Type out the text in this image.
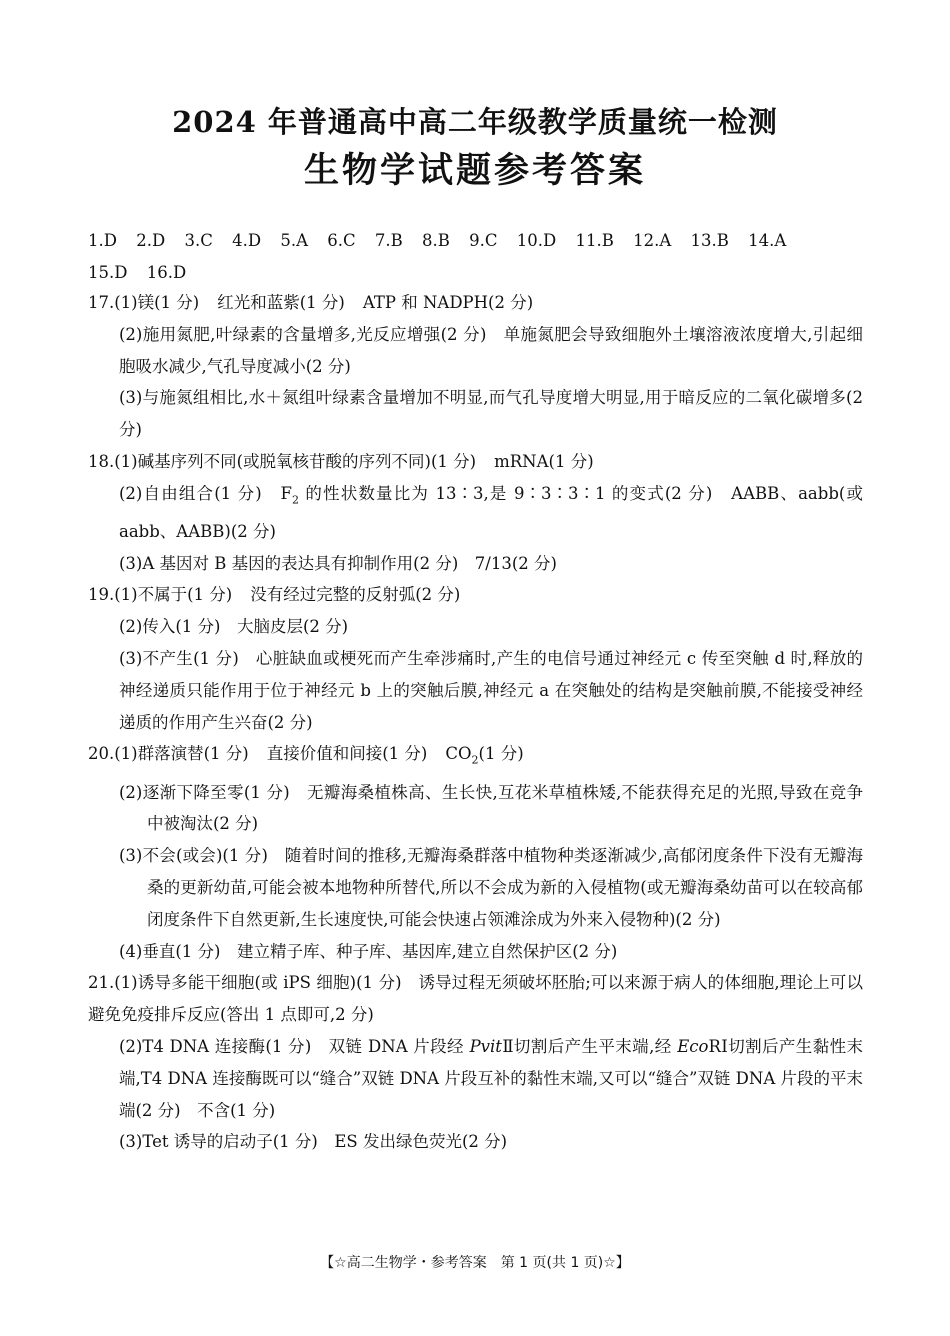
2024 年普通高中高二年级教学质量统一检测
生物学试题参考答案
1.D 2.D 3.C 4.D 5.A 6.C 7.B 8.B 9.C 10.D 11.B 12.A 13.B 14.A
15.D 16.D
17.(1)镁(1 分) 红光和蓝紫(1 分) ATP 和 NADPH(2 分)
(2)施用氮肥,叶绿素的含量增多,光反应增强(2 分)　单施氮肥会导致细胞外土壤溶液浓度增大,引起细胞吸水减少,气孔导度减小(2 分)
(3)与施氮组相比,水＋氮组叶绿素含量增加不明显,而气孔导度增大明显,用于暗反应的二氧化碳增多(2 分)
18.(1)碱基序列不同(或脱氧核苷酸的序列不同)(1 分) mRNA(1 分)
(2)自由组合(1 分)　$F_2$ 的性状数量比为 13∶3,是 9∶3∶3∶1 的变式(2 分)　AABB、aabb(或 aabb、AABB)(2 分)
(3)A 基因对 B 基因的表达具有抑制作用(2 分)　7/13(2 分)
19.(1)不属于(1 分) 没有经过完整的反射弧(2 分)
(2)传入(1 分)　大脑皮层(2 分)
(3)不产生(1 分)　心脏缺血或梗死而产生牵涉痛时,产生的电信号通过神经元 c 传至突触 d 时,释放的神经递质只能作用于位于神经元 b 上的突触后膜,神经元 a 在突触处的结构是突触前膜,不能接受神经递质的作用产生兴奋(2 分)
20.(1)群落演替(1 分) 直接价值和间接(1 分) $CO_2(1$ 分)
(2)逐渐下降至零(1 分)　无瓣海桑植株高、生长快,互花米草植株矮,不能获得充足的光照,导致在竞争中被淘汰(2 分)
(3)不会(或会)(1 分)　随着时间的推移,无瓣海桑群落中植物种类逐渐减少,高郁闭度条件下没有无瓣海桑的更新幼苗,可能会被本地物种所替代,所以不会成为新的入侵植物(或无瓣海桑幼苗可以在较高郁闭度条件下自然更新,生长速度快,可能会快速占领滩涂成为外来入侵物种)(2 分)
(4)垂直(1 分)　建立精子库、种子库、基因库,建立自然保护区(2 分)
21.(1)诱导多能干细胞(或 iPS 细胞)(1 分)　诱导过程无须破坏胚胎;可以来源于病人的体细胞,理论上可以避免免疫排斥反应(答出 1 点即可,2 分)
(2)T4 DNA 连接酶(1 分)　双链 DNA 片段经 PvitⅡ切割后产生平末端,经 EcoRⅠ切割后产生黏性末端,T4 DNA 连接酶既可以“缝合”双链 DNA 片段互补的黏性末端,又可以“缝合”双链 DNA 片段的平末端(2 分)　不含(1 分)
(3)Tet 诱导的启动子(1 分)　ES 发出绿色荧光(2 分)
【☆高二生物学・参考答案　第 1 页(共 1 页)☆】
